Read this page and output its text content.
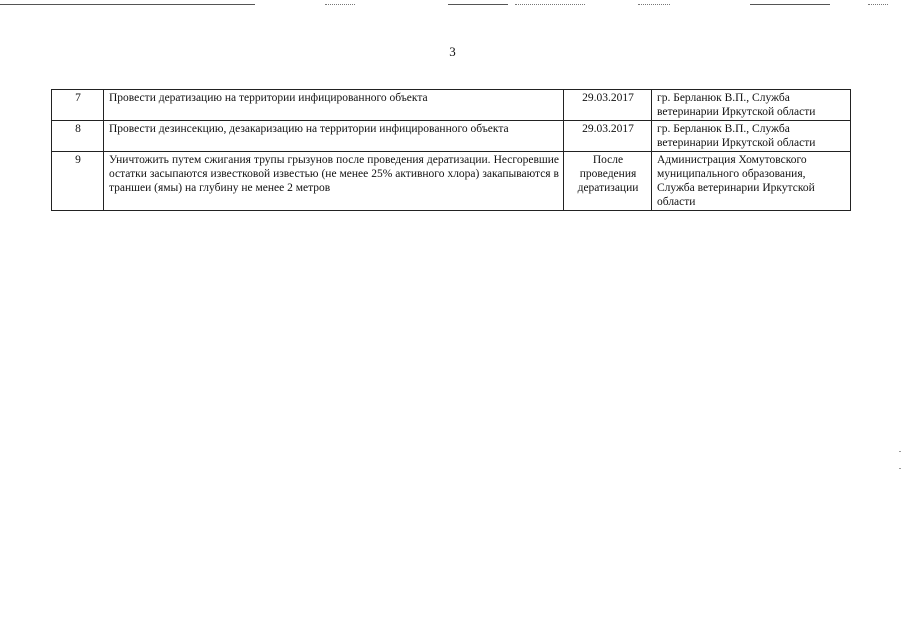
3
7	Провести дератизацию на территории инфицированного объекта	29.03.2017	гр. Берланюк В.П., Служба ветеринарии Иркутской области
8	Провести дезинсекцию, дезакаризацию на территории инфицированного объекта	29.03.2017	гр. Берланюк В.П., Служба ветеринарии Иркутской области
9	Уничтожить путем сжигания трупы грызунов после проведения дератизации. Несгоревшие остатки засыпаются известковой известью (не менее 25% активного хлора) закапываются в траншеи (ямы) на глубину не менее 2 метров	После проведения дератизации	Администрация Хомутовского муниципального образования, Служба ветеринарии Иркутской области
